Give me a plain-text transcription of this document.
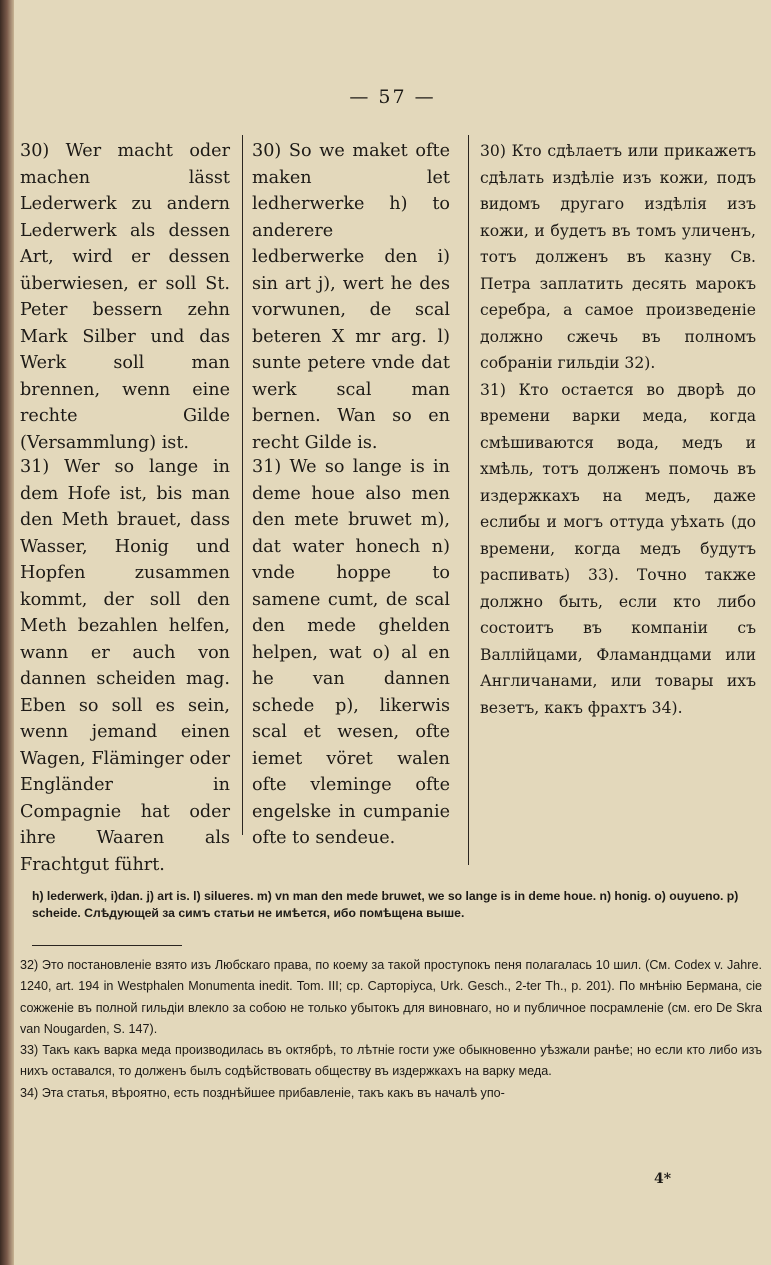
— 57 —

30) Wer macht oder machen lässt Lederwerk zu andern Lederwerk als dessen Art, wird er dessen überwiesen, er soll St. Peter bessern zehn Mark Silber und das Werk soll man brennen, wenn eine rechte Gilde (Versammlung) ist.

31) Wer so lange in dem Hofe ist, bis man den Meth brauet, dass Wasser, Honig und Hopfen zusammen kommt, der soll den Meth bezahlen helfen, wann er auch von dannen scheiden mag. Eben so soll es sein, wenn jemand einen Wagen, Fläminger oder Engländer in Compagnie hat oder ihre Waaren als Frachtgut führt.

30) So we maket ofte maken let ledherwerke h) to anderere ledberwerke den i) sin art j), wert he des vorwunen, de scal beteren X mr arg. l) sunte petere vnde dat werk scal man bernen. Wan so en recht Gilde is.

31) We so lange is in deme houe also men den mete bruwet m), dat water honech n) vnde hoppe to samene cumt, de scal den mede ghelden helpen, wat o) al en he van dannen schede p), likerwis scal et wesen, ofte iemet vöret walen ofte vleminge ofte engelske in cumpanie ofte to sendeue.

30) Кто сдѣлаетъ или прикажетъ сдѣлать издѣліе изъ кожи, подъ видомъ другаго издѣлія изъ кожи, и будетъ въ томъ уличенъ, тотъ долженъ въ казну Св. Петра заплатить десять марокъ серебра, а самое произведеніе должно сжечь въ полномъ собраніи гильдіи 32).

31) Кто остается во дворѣ до времени варки меда, когда смѣшиваются вода, медъ и хмѣль, тотъ долженъ помочь въ издержкахъ на медъ, даже еслибы и могъ оттуда уѣхать (до времени, когда медъ будутъ распивать) 33). Точно также должно быть, если кто либо состоитъ въ компаніи съ Валлійцами, Фламандцами или Англичанами, или товары ихъ везетъ, какъ фрахтъ 34).

h) lederwerk, i)dan. j) art is. l) silueres. m) vn man den mede bruwet, we so lange is in deme houe. n) honig. o) ouyueno. p) scheide. Слѣдующей за симъ статьи не имѣется, ибо помѣщена выше.

32) Это постановленіе взято изъ Любскаго права, по коему за такой проступокъ пеня полагалась 10 шил. (См. Codex v. Jahre. 1240, art. 194 in Westphalen Monumenta inedit. Tom. III; ср. Сарторіуса, Urk. Gesch., 2-ter Th., p. 201). По мнѣнію Бермана, сіе сожженіе въ полной гильдіи влекло за собою не только убытокъ для виновнаго, но и публичное посрамленіе (см. его De Skra van Nougarden, S. 147).

33) Такъ какъ варка меда производилась въ октябрѣ, то лѣтніе гости уже обыкновенно уѣзжали ранѣе; но если кто либо изъ нихъ оставался, то долженъ былъ содѣйствовать обществу въ издержкахъ на варку меда.

34) Эта статья, вѣроятно, есть позднѣйшее прибавленіе, такъ какъ въ началѣ упо-

4*
